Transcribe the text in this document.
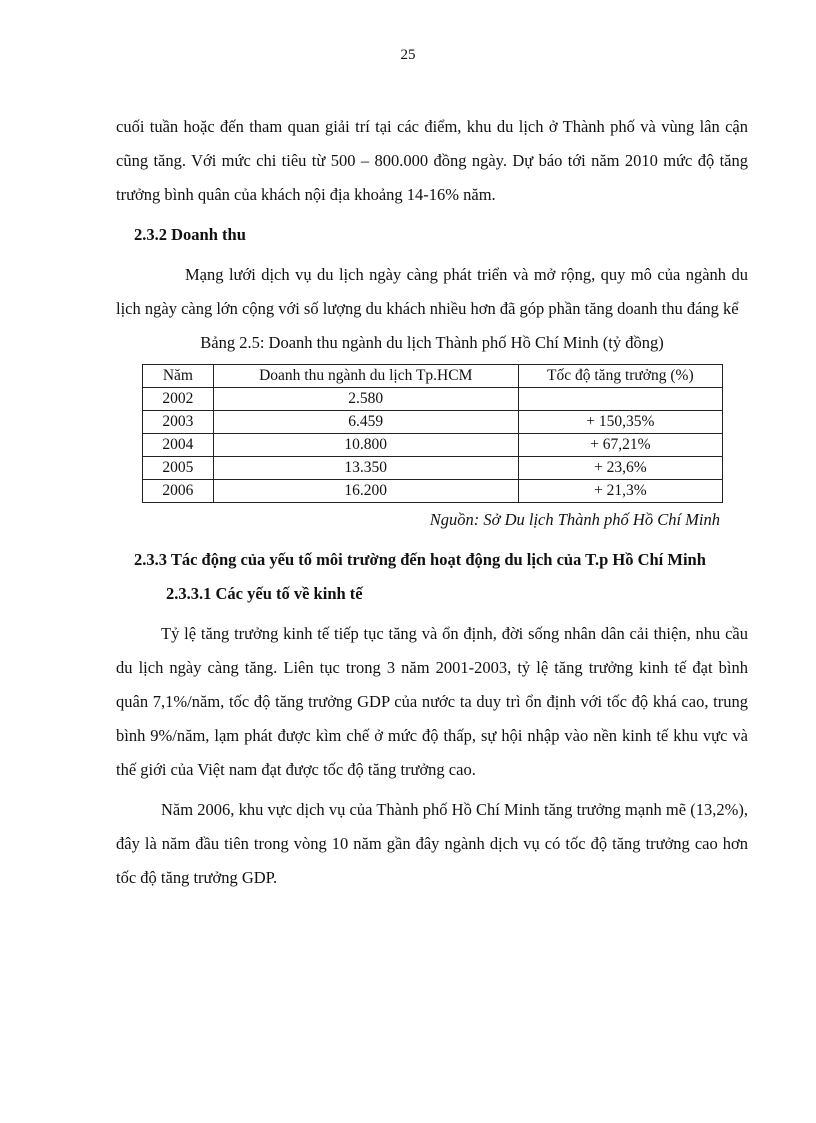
25

cuối tuần hoặc đến tham quan giải trí tại các điểm, khu du lịch ở Thành phố và vùng lân cận cũng tăng. Với mức chi tiêu từ 500 – 800.000 đồng ngày. Dự báo tới năm 2010 mức độ tăng trưởng bình quân của khách nội địa khoảng 14-16% năm.

2.3.2 Doanh thu

Mạng lưới dịch vụ du lịch ngày càng phát triển và mở rộng, quy mô của ngành du lịch ngày càng lớn cộng với số lượng du khách nhiều hơn đã góp phần tăng doanh thu đáng kể

Bảng 2.5: Doanh thu ngành du lịch Thành phố Hồ Chí Minh (tỷ đồng)
Năm	Doanh thu ngành du lịch Tp.HCM	Tốc độ tăng trưởng (%)
2002	2.580	
2003	6.459	+ 150,35%
2004	10.800	+ 67,21%
2005	13.350	+ 23,6%
2006	16.200	+ 21,3%
Nguồn: Sở Du lịch Thành phố Hồ Chí Minh

2.3.3 Tác động của yếu tố môi trường đến hoạt động du lịch của T.p Hồ Chí Minh

2.3.3.1 Các yếu tố về kinh tế

Tỷ lệ tăng trưởng kinh tế tiếp tục tăng và ổn định, đời sống nhân dân cải thiện, nhu cầu du lịch ngày càng tăng. Liên tục trong 3 năm 2001-2003, tỷ lệ tăng trưởng kinh tế đạt bình quân 7,1%/năm, tốc độ tăng trưởng GDP của nước ta duy trì ổn định với tốc độ khá cao, trung bình 9%/năm, lạm phát được kìm chế ở mức độ thấp, sự hội nhập vào nền kinh tế khu vực và thế giới của Việt nam đạt được tốc độ tăng trưởng cao.

Năm 2006, khu vực dịch vụ của Thành phố Hồ Chí Minh tăng trưởng mạnh mẽ (13,2%), đây là năm đầu tiên trong vòng 10 năm gần đây ngành dịch vụ có tốc độ tăng trưởng cao hơn tốc độ tăng trưởng GDP.
